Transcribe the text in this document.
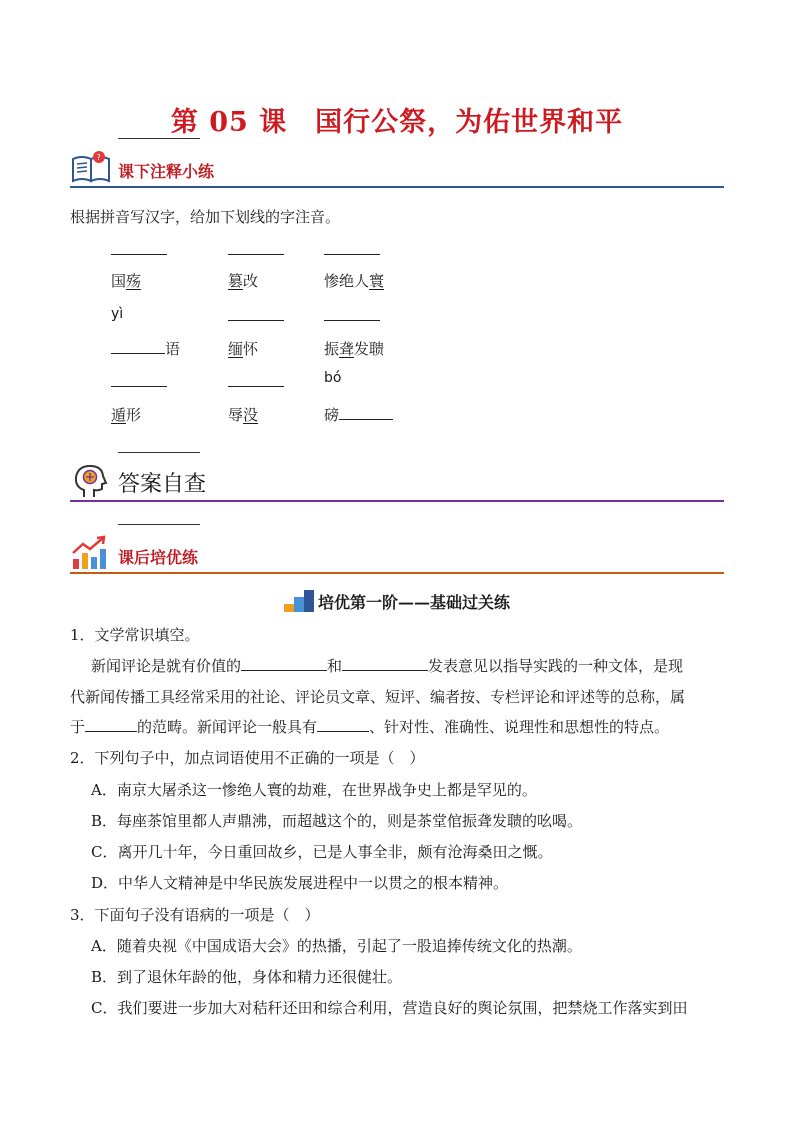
第 05 课　国行公祭，为佑世界和平
?
课下注释小练
根据拼音写汉字，给加下划线的字注音。
国殇	篡改	惨绝人寰
yì
语	缅怀	振聋发聩
bó
遁形	辱没	磅
答案自查
课后培优练
培优第一阶——基础过关练
1．文学常识填空。
新闻评论是就有价值的	和	发表意见以指导实践的一种文体，是现
代新闻传播工具经常采用的社论、评论员文章、短评、编者按、专栏评论和评述等的总称，属
于	的范畴。新闻评论一般具有	、针对性、准确性、说理性和思想性的特点。
2．下列句子中，加点词语使用不正确的一项是（　）
A．南京大屠杀这一惨绝人寰的劫难，在世界战争史上都是罕见的。
B．每座茶馆里都人声鼎沸，而超越这个的，则是茶堂倌振聋发聩的吆喝。
C．离开几十年，今日重回故乡，已是人事全非，颇有沧海桑田之慨。
D．中华人文精神是中华民族发展进程中一以贯之的根本精神。
3．下面句子没有语病的一项是（　）
A．随着央视《中国成语大会》的热播，引起了一股追捧传统文化的热潮。
B．到了退休年龄的他，身体和精力还很健壮。
C．我们要进一步加大对秸秆还田和综合利用，营造良好的舆论氛围，把禁烧工作落实到田
